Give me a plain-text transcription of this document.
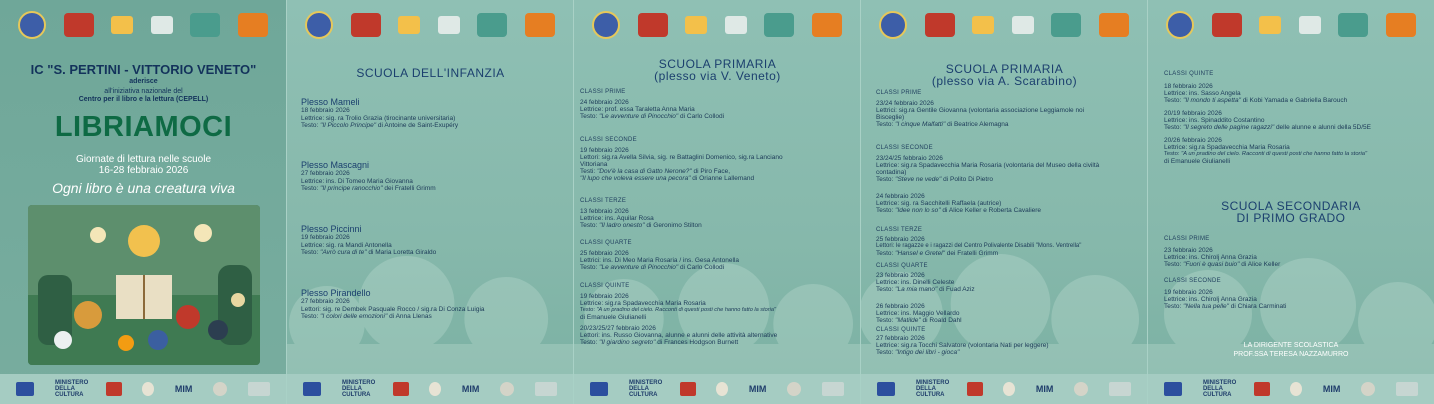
IC "S. PERTINI - VITTORIO VENETO"
aderisce
all'iniziativa nazionale del
Centro per il libro e la lettura (CEPELL)
LIBRIAMOCI
Giornate di lettura nelle scuole
16-28 febbraio 2026
Ogni libro è una creatura viva
MINISTERO DELLA CULTURA
MIM
SCUOLA DELL'INFANZIA
Plesso Mameli
18 febbraio 2026
Lettrice: sig. ra Trolio Grazia (tirocinante universitaria)
Testo: "Il Piccolo Principe" di Antoine de Saint-Exupéry
Plesso Mascagni
27 febbraio 2026
Lettrice: ins. Di Tomeo Maria Giovanna
Testo: "Il principe ranocchio" dei Fratelli Grimm
Plesso Piccinni
19 febbraio 2026
Lettrice: sig. ra Mandi Antonella
Testo: "Avrò cura di te" di Maria Loretta Giraldo
Plesso Pirandello
27 febbraio 2026
Lettori: sig. re Dembek Pasquale Rocco / sig.ra Di Conza Luigia
Testo: "I colori delle emozioni" di Anna Llenas
MINISTERO DELLA CULTURA
MIM
SCUOLA PRIMARIA
(plesso via V. Veneto)
CLASSI PRIME
24 febbraio 2026
Lettrice: prof. essa Taraletta Anna Maria
Testo: "Le avventure di Pinocchio" di Carlo Collodi
CLASSI SECONDE
19 febbraio 2026
Lettori: sig.ra Avella Silvia, sig. re Battaglini Domenico, sig.ra Lanciano
Vittoriana
Testi: "Dov'è la casa di Gatto Nerone?" di Piro Face,
"Il lupo che voleva essere una pecora" di Orianne Lallemand
CLASSI TERZE
13 febbraio 2026
Lettrice: ins. Aquilar Rosa
Testo: "Il ladro onesto" di Geronimo Stilton
CLASSI QUARTE
25 febbraio 2026
Lettrici: ins. Di Meo Maria Rosaria / ins. Gesa Antonella
Testo: "Le avventure di Pinocchio" di Carlo Collodi
CLASSI QUINTE
19 febbraio 2026
Lettrice: sig.ra Spadavecchia Maria Rosaria
Testo: "A un pradino del cielo. Racconti di questi posti che hanno fatto la storia"
di Emanuele Giulianelli
20/23/25/27 febbraio 2026
Lettori: ins. Russo Giovanna, alunne e alunni delle attività alternative
Testo: "Il giardino segreto" di Frances Hodgson Burnett
MINISTERO DELLA CULTURA
MIM
SCUOLA PRIMARIA
(plesso via A. Scarabino)
CLASSI PRIME
23/24 febbraio 2026
Lettrici: sig.ra Gentile Giovanna (volontaria associazione Leggiamole noi
Bisceglie)
Testo: "I cinque Malfatti" di Beatrice Alemagna
CLASSI SECONDE
23/24/25 febbraio 2026
Lettrice: sig.ra Spadavecchia Maria Rosaria (volontaria del Museo della civiltà
contadina)
Testo: "Steve ne vede" di Polito Di Pietro
24 febbraio 2026
Lettrice: sig. ra Sacchitelli Raffaela (autrice)
Testo: "Idee non lo so" di Alice Keller e Roberta Cavaliere
CLASSI TERZE
25 febbraio 2026
Lettori: le ragazze e i ragazzi del Centro Polivalente Disabili "Mons. Ventrella"
Testo: "Hansel e Gretel" dei Fratelli Grimm
CLASSI QUARTE
23 febbraio 2026
Lettrice: ins. Dinelli Celeste
Testo: "La mia mano" di Fuad Aziz
26 febbraio 2026
Lettrice: ins. Maggio Vellardo
Testo: "Matilde" di Roald Dahl
CLASSI QUINTE
27 febbraio 2026
Lettrice: sig.ra Tocchi Salvatore (volontaria Nati per leggere)
Testo: "Intigo dei libri - gioca"
MINISTERO DELLA CULTURA
MIM
CLASSI QUINTE
18 febbraio 2026
Lettrice: ins. Sasso Angela
Testo: "Il mondo ti aspetta" di Kobi Yamada e Gabriella Barouch
20/19 febbraio 2026
Lettrice: ins. Spinaddito Costantino
Testo: "Il segreto delle pagine ragazzi" delle alunne e alunni della 5D/5E
20/26 febbraio 2026
Lettrice: sig.ra Spadavecchia Maria Rosaria
Testo: "A un pradino del cielo. Racconti di questi posti che hanno fatto la storia"
di Emanuele Giulianelli
SCUOLA SECONDARIA
DI PRIMO GRADO
CLASSI PRIME
23 febbraio 2026
Lettrice: ins. Chirolj Anna Grazia
Testo: "Fuori è quasi buio" di Alice Keller
CLASSI SECONDE
19 febbraio 2026
Lettrice: ins. Chirolj Anna Grazia
Testo: "Nella tua pelle" di Chiara Carminati
LA DIRIGENTE SCOLASTICA
PROF.SSA TERESA NAZZAMURRO
MINISTERO DELLA CULTURA
MIM
